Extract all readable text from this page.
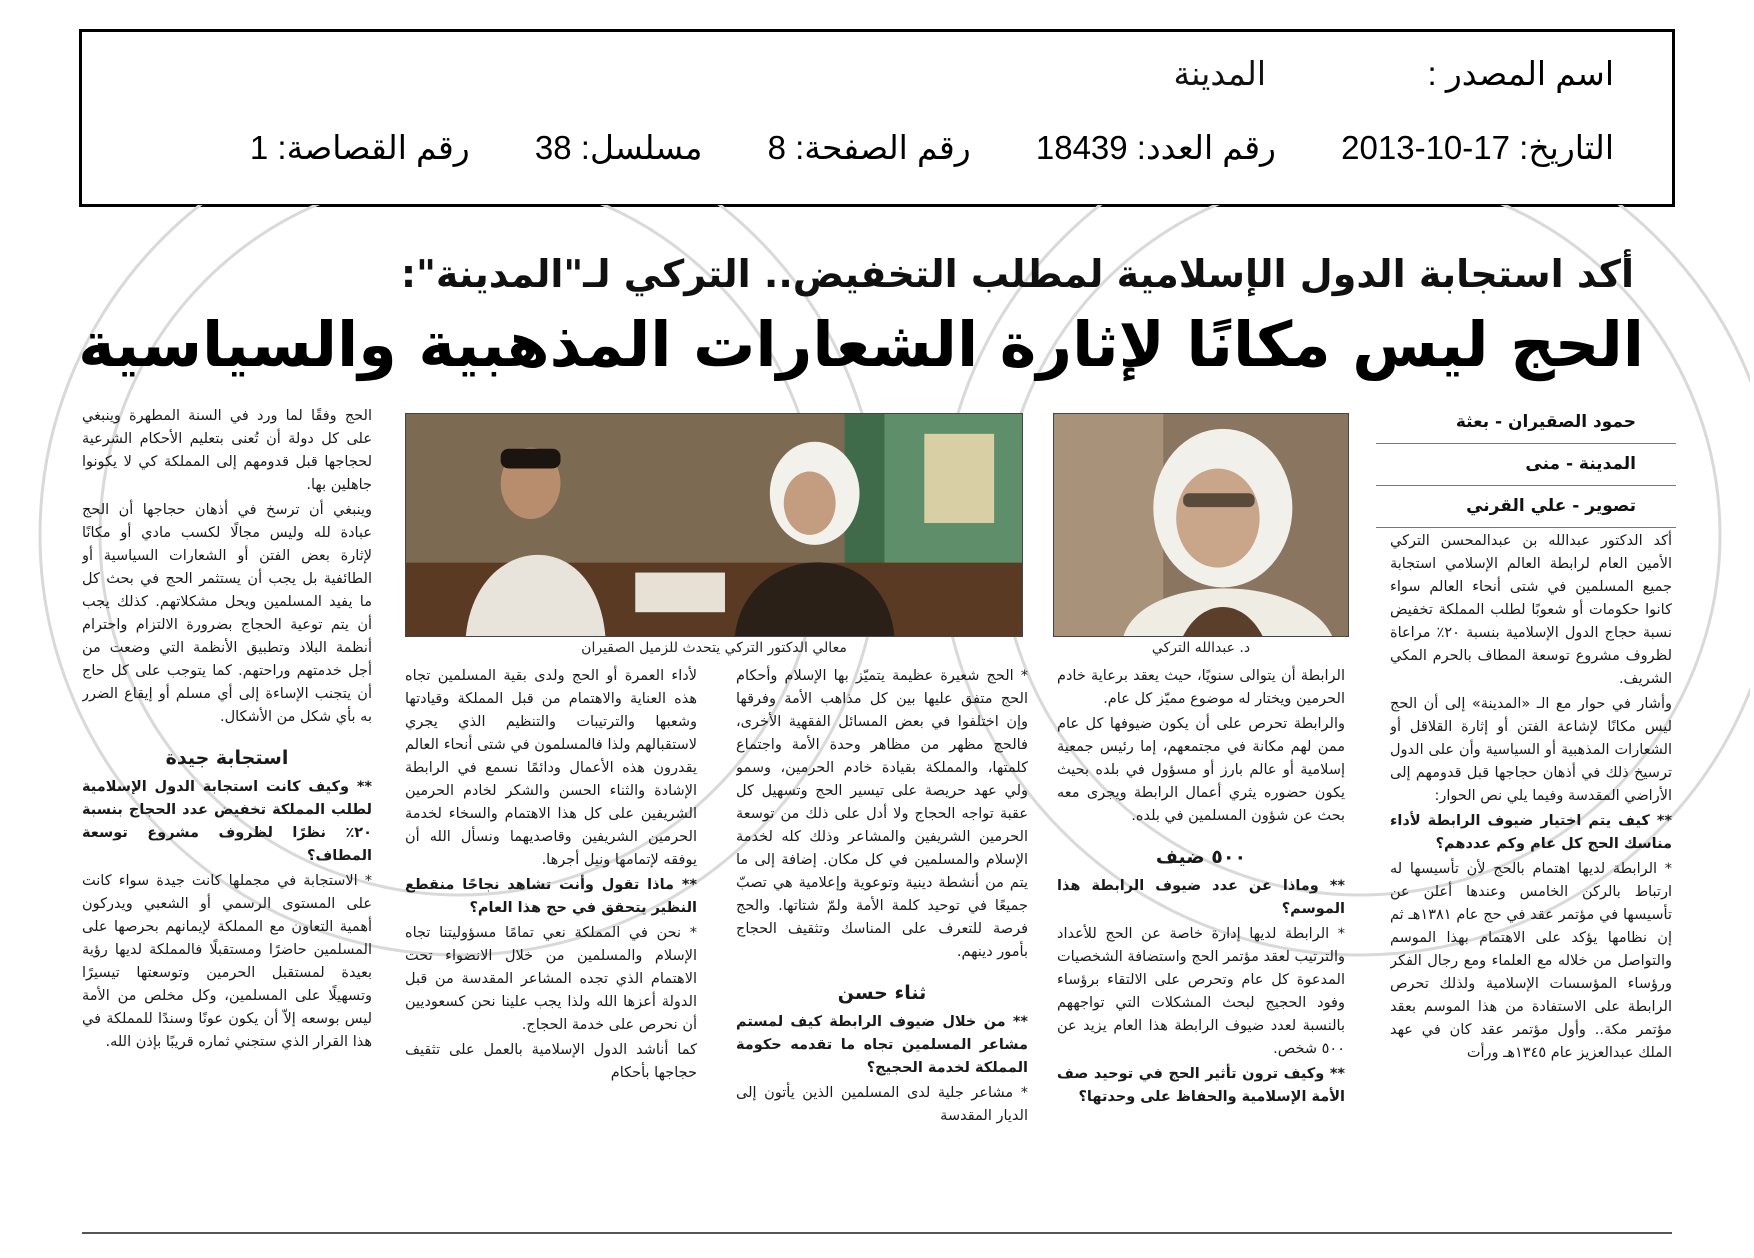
اسم المصدر :
المدينة
التاريخ: 17-10-2013 رقم العدد: 18439 رقم الصفحة: 8 مسلسل: 38 رقم القصاصة: 1
أكد استجابة الدول الإسلامية لمطلب التخفيض.. التركي لـ"المدينة":
الحج ليس مكانًا لإثارة الشعارات المذهبية والسياسية
حمود الصقيران - بعثة
المدينة - منى
تصوير - علي القرني
د. عبدالله التركي
معالي الدكتور التركي يتحدث للزميل الصقيران

أكد الدكتور عبدالله بن عبدالمحسن التركي الأمين العام لرابطة العالم الإسلامي استجابة جميع المسلمين في شتى أنحاء العالم سواء كانوا حكومات أو شعوبًا لطلب المملكة تخفيض نسبة حجاج الدول الإسلامية بنسبة ٢٠٪ مراعاة لظروف مشروع توسعة المطاف بالحرم المكي الشريف.

وأشار في حوار مع الـ «المدينة» إلى أن الحج ليس مكانًا لإشاعة الفتن أو إثارة القلاقل أو الشعارات المذهبية أو السياسية وأن على الدول ترسيخ ذلك في أذهان حجاجها قبل قدومهم إلى الأراضي المقدسة وفيما يلي نص الحوار:

** كيف يتم اختيار ضيوف الرابطة لأداء مناسك الحج كل عام وكم عددهم؟

* الرابطة لديها اهتمام بالحج لأن تأسيسها له ارتباط بالركن الخامس وعندها أعلن عن تأسيسها في مؤتمر عقد في حج عام ١٣٨١هـ ثم إن نظامها يؤكد على الاهتمام بهذا الموسم والتواصل من خلاله مع العلماء ومع رجال الفكر ورؤساء المؤسسات الإسلامية ولذلك تحرص الرابطة على الاستفادة من هذا الموسم بعقد مؤتمر مكة.. وأول مؤتمر عقد كان في عهد الملك عبدالعزيز عام ١٣٤٥هـ ورأت

الرابطة أن يتوالى سنويًا، حيث يعقد برعاية خادم الحرمين ويختار له موضوع مميّز كل عام.

والرابطة تحرص على أن يكون ضيوفها كل عام ممن لهم مكانة في مجتمعهم، إما رئيس جمعية إسلامية أو عالم بارز أو مسؤول في بلده بحيث يكون حضوره يثري أعمال الرابطة ويجرى معه بحث عن شؤون المسلمين في بلده.

٥٠٠ ضيف

** وماذا عن عدد ضيوف الرابطة هذا الموسم؟

* الرابطة لديها إدارة خاصة عن الحج للأعداد والترتيب لعقد مؤتمر الحج واستضافة الشخصيات المدعوة كل عام وتحرص على الالتقاء برؤساء وفود الحجيج لبحث المشكلات التي تواجههم بالنسبة لعدد ضيوف الرابطة هذا العام يزيد عن ٥٠٠ شخص.

** وكيف ترون تأثير الحج في توحيد صف الأمة الإسلامية والحفاظ على وحدتها؟

* الحج شعيرة عظيمة يتميّز بها الإسلام وأحكام الحج متفق عليها بين كل مذاهب الأمة وفرقها وإن اختلفوا في بعض المسائل الفقهية الأخرى، فالحج مظهر من مظاهر وحدة الأمة واجتماع كلمتها، والمملكة بقيادة خادم الحرمين، وسمو ولي عهد حريصة على تيسير الحج وتسهيل كل عقبة تواجه الحجاج ولا أدل على ذلك من توسعة الحرمين الشريفين والمشاعر وذلك كله لخدمة الإسلام والمسلمين في كل مكان. إضافة إلى ما يتم من أنشطة دينية وتوعوية وإعلامية هي تصبّ جميعًا في توحيد كلمة الأمة ولمّ شتاتها. والحج فرصة للتعرف على المناسك وتثقيف الحجاج بأمور دينهم.

ثناء حسن

** من خلال ضيوف الرابطة كيف لمستم مشاعر المسلمين تجاه ما تقدمه حكومة المملكة لخدمة الحجيج؟

* مشاعر جلية لدى المسلمين الذين يأتون إلى الديار المقدسة

لأداء العمرة أو الحج ولدى بقية المسلمين تجاه هذه العناية والاهتمام من قبل المملكة وقيادتها وشعبها والترتيبات والتنظيم الذي يجري لاستقبالهم ولذا فالمسلمون في شتى أنحاء العالم يقدرون هذه الأعمال ودائمًا نسمع في الرابطة الإشادة والثناء الحسن والشكر لخادم الحرمين الشريفين على كل هذا الاهتمام والسخاء لخدمة الحرمين الشريفين وقاصديهما ونسأل الله أن يوفقه لإتمامها ونيل أجرها.

** ماذا تقول وأنت تشاهد نجاحًا منقطع النظير يتحقق في حج هذا العام؟

* نحن في المملكة نعي تمامًا مسؤوليتنا تجاه الإسلام والمسلمين من خلال الانضواء تحت الاهتمام الذي تجده المشاعر المقدسة من قبل الدولة أعزها الله ولذا يجب علينا نحن كسعوديين أن نحرص على خدمة الحجاج.

كما أناشد الدول الإسلامية بالعمل على تثقيف حجاجها بأحكام

الحج وفقًا لما ورد في السنة المطهرة وينبغي على كل دولة أن تُعنى بتعليم الأحكام الشرعية لحجاجها قبل قدومهم إلى المملكة كي لا يكونوا جاهلين بها.

وينبغي أن ترسخ في أذهان حجاجها أن الحج عبادة لله وليس مجالًا لكسب مادي أو مكانًا لإثارة بعض الفتن أو الشعارات السياسية أو الطائفية بل يجب أن يستثمر الحج في بحث كل ما يفيد المسلمين ويحل مشكلاتهم. كذلك يجب أن يتم توعية الحجاج بضرورة الالتزام واحترام أنظمة البلاد وتطبيق الأنظمة التي وضعت من أجل خدمتهم وراحتهم. كما يتوجب على كل حاج أن يتجنب الإساءة إلى أي مسلم أو إيقاع الضرر به بأي شكل من الأشكال.

استجابة جيدة

** وكيف كانت استجابة الدول الإسلامية لطلب المملكة تخفيض عدد الحجاج بنسبة ٢٠٪ نظرًا لظروف مشروع توسعة المطاف؟

* الاستجابة في مجملها كانت جيدة سواء كانت على المستوى الرسمي أو الشعبي ويدركون أهمية التعاون مع المملكة لإيمانهم بحرصها على المسلمين حاضرًا ومستقبلًا فالمملكة لديها رؤية بعيدة لمستقبل الحرمين وتوسعتها تيسيرًا وتسهيلًا على المسلمين، وكل مخلص من الأمة ليس بوسعه إلاّ أن يكون عونًا وسندًا للمملكة في هذا القرار الذي ستجني ثماره قريبًا بإذن الله.
